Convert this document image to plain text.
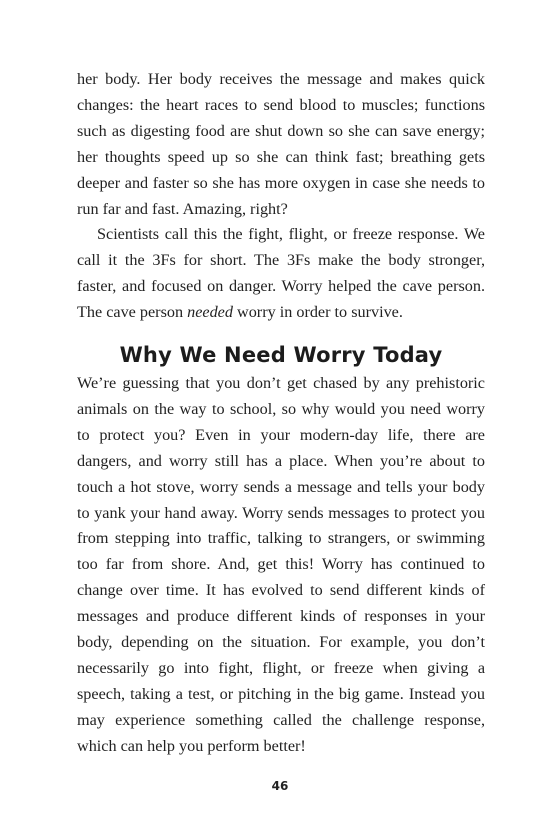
her body. Her body receives the message and makes quick changes: the heart races to send blood to muscles; functions such as digesting food are shut down so she can save energy; her thoughts speed up so she can think fast; breathing gets deeper and faster so she has more oxygen in case she needs to run far and fast. Amazing, right?

Scientists call this the fight, flight, or freeze response. We call it the 3Fs for short. The 3Fs make the body stronger, faster, and focused on danger. Worry helped the cave person. The cave person needed worry in order to survive.

Why We Need Worry Today

We’re guessing that you don’t get chased by any prehistoric animals on the way to school, so why would you need worry to protect you? Even in your modern-day life, there are dangers, and worry still has a place. When you’re about to touch a hot stove, worry sends a message and tells your body to yank your hand away. Worry sends messages to protect you from stepping into traffic, talking to strangers, or swimming too far from shore. And, get this! Worry has continued to change over time. It has evolved to send different kinds of messages and produce different kinds of responses in your body, depending on the situation. For example, you don’t necessarily go into fight, flight, or freeze when giving a speech, taking a test, or pitching in the big game. Instead you may experience something called the challenge response, which can help you perform better!

46
